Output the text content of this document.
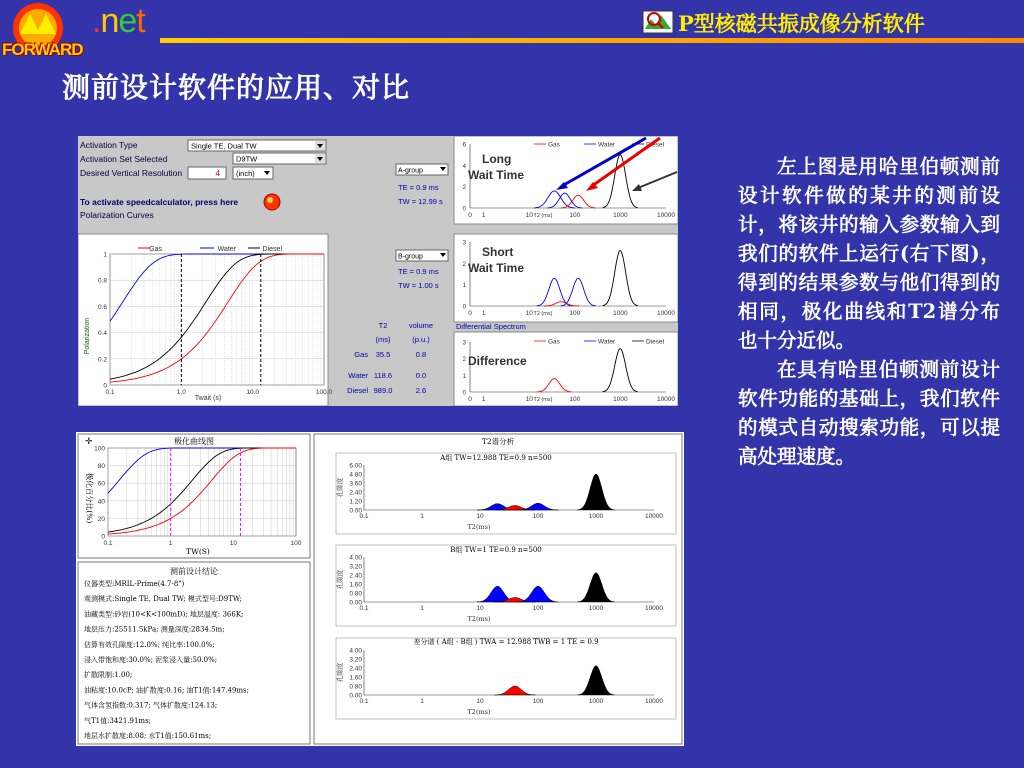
FORWARD
.net	P型核磁共振成像分析软件
测前设计软件的应用、对比
Activation Type	Single TE, Dual TW
Activation Set Selected	D9TW
Desired Vertical Resolution	4 (inch)
To activate speedcalculator, press here
Polarization Curves
0
0.2
0.4
0.6
0.8
1
0.1	1.0	10.0	100.0
Gas	Water	Diesel
Polarization
Twait (s)
A-group
TE = 0.9 ms
TW = 12.99 s
B-group
TE = 0.9 ms
TW = 1.00 s
T2	volume
(ms)	(p.u.)
Gas 35.5	0.8
Water 118.6	0.0
Diesel 989.0	2.6
Differential Spectrum
0
2
4
6
0 1	10	100	1000	10000
T2 (ms)
0
1
2
3
0 1	10	100	1000	10000
T2 (ms)
0
1
2
3
0 1	10	100	1000	10000
T2 (ms)
Gas	Water	Diesel
Gas	Water	Diesel
Long
Wait Time
Short
Wait Time
Difference
极化曲线图
0
20
40
60
80
100
0.1	1	10	100
极化百分比(%)
TW(S)
✛
测前设计结论
仪器类型:MRIL-Prime(4.7-8")
观测模式:Single TE, Dual TW; 模式型号:D9TW;
油藏类型:砂岩(10<K<100mD); 地层温度: 366K;
地层压力:25511.5kPa; 测量深度:2834.5m;
估算有效孔隙度:12.0%; 纯比率:100.0%;
浸入带饱和度:30.0%; 泥浆浸入量:50.0%;
扩散限制:1.00;
油粘度:10.0cP; 油扩散度:0.16; 油T1值:147.49ms;
气体含氢指数:0.317; 气体扩散度:124.13;
气T1值:3421.91ms;
地层水扩散度:8.08; 水T1值:150.61ms;
T2谱分析
0.00
1.20
2.40
3.60
4.80
6.00
0.1	1	10	100	1000	10000
T2(ms)
孔隙度
0.00
0.80
1.60
2.40
3.20
4.00
0.1	1	10	100	1000	10000
T2(ms)
孔隙度
0.00
0.80
1.60
2.40
3.20
4.00
0.1	1	10	100	1000	10000
T2(ms)
孔隙度
A组 TW=12.988 TE=0.9 n=500
B组 TW=1 TE=0.9 n=500
差分谱 ( A组 - B组 ) TWA = 12.988 TWB = 1 TE = 0.9

左上图是用哈里伯顿测前设计软件做的某井的测前设计，将该井的输入参数输入到我们的软件上运行(右下图)，得到的结果参数与他们得到的相同，极化曲线和T2谱分布也十分近似。

在具有哈里伯顿测前设计软件功能的基础上，我们软件的模式自动搜索功能，可以提高处理速度。
